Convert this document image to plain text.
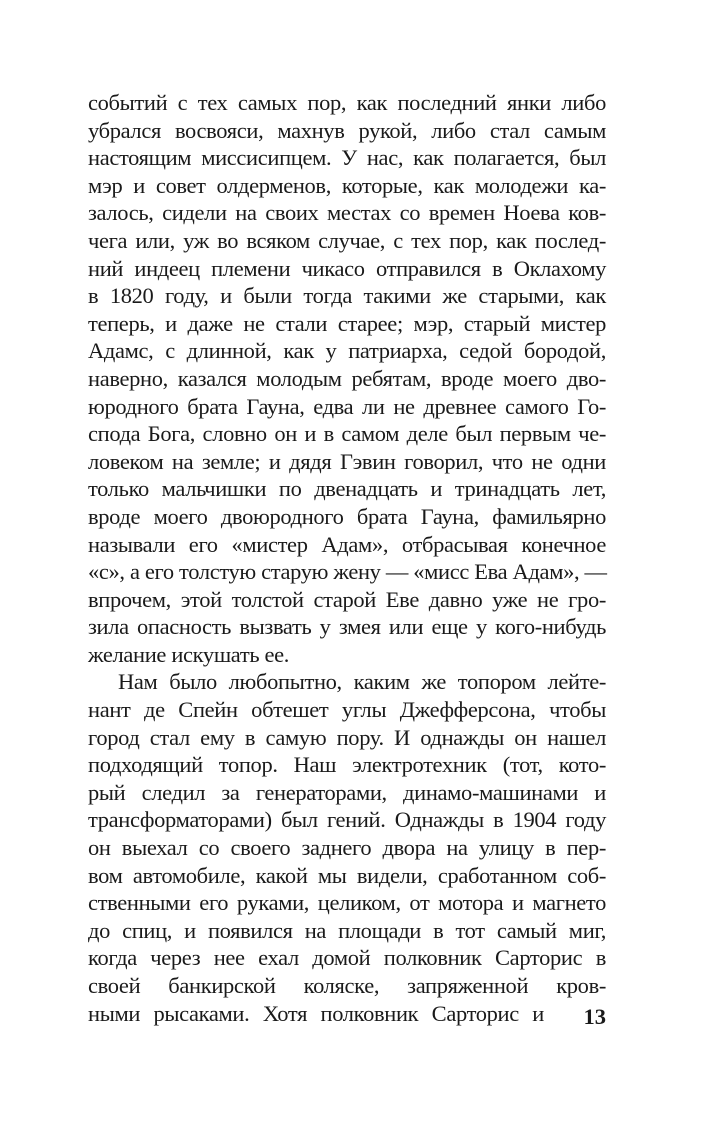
событий с тех самых пор, как последний янки либо
убрался восвояси, махнув рукой, либо стал самым
настоящим миссисипцем. У нас, как полагается, был
мэр и совет олдерменов, которые, как молодежи ка-
залось, сидели на своих местах со времен Ноева ков-
чега или, уж во всяком случае, с тех пор, как послед-
ний индеец племени чикасо отправился в Оклахому
в 1820 году, и были тогда такими же старыми, как
теперь, и даже не стали старее; мэр, старый мистер
Адамс, с длинной, как у патриарха, седой бородой,
наверно, казался молодым ребятам, вроде моего дво-
юродного брата Гауна, едва ли не древнее самого Го-
спода Бога, словно он и в самом деле был первым че-
ловеком на земле; и дядя Гэвин говорил, что не одни
только мальчишки по двенадцать и тринадцать лет,
вроде моего двоюродного брата Гауна, фамильярно
называли его «мистер Адам», отбрасывая конечное
«с», а его толстую старую жену — «мисс Ева Адам», —
впрочем, этой толстой старой Еве давно уже не гро-
зила опасность вызвать у змея или еще у кого-нибудь
желание искушать ее.
Нам было любопытно, каким же топором лейте-
нант де Спейн обтешет углы Джефферсона, чтобы
город стал ему в самую пору. И однажды он нашел
подходящий топор. Наш электротехник (тот, кото-
рый следил за генераторами, динамо-машинами и
трансформаторами) был гений. Однажды в 1904 году
он выехал со своего заднего двора на улицу в пер-
вом автомобиле, какой мы видели, сработанном соб-
ственными его руками, целиком, от мотора и магнето
до спиц, и появился на площади в тот самый миг,
когда через нее ехал домой полковник Сарторис в
своей банкирской коляске, запряженной кров-
ными рысаками. Хотя полковник Сарторис и 13
